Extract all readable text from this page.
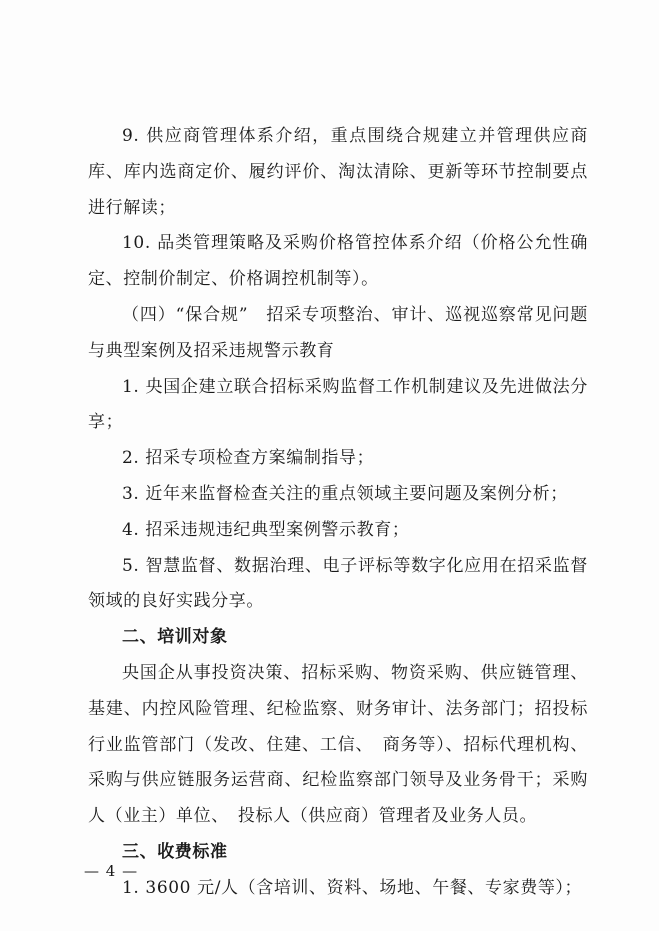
9. 供应商管理体系介绍，重点围绕合规建立并管理供应商库、库内选商定价、履约评价、淘汰清除、更新等环节控制要点进行解读；

10. 品类管理策略及采购价格管控体系介绍（价格公允性确定、控制价制定、价格调控机制等）。

（四）“保合规”　招采专项整治、审计、巡视巡察常见问题与典型案例及招采违规警示教育

1. 央国企建立联合招标采购监督工作机制建议及先进做法分享；

2. 招采专项检查方案编制指导；

3. 近年来监督检查关注的重点领域主要问题及案例分析；

4. 招采违规违纪典型案例警示教育；

5. 智慧监督、数据治理、电子评标等数字化应用在招采监督领域的良好实践分享。

二、培训对象

央国企从事投资决策、招标采购、物资采购、供应链管理、基建、内控风险管理、纪检监察、财务审计、法务部门；招投标行业监管部门（发改、住建、工信、　商务等）、招标代理机构、采购与供应链服务运营商、纪检监察部门领导及业务骨干；采购人（业主）单位、　投标人（供应商）管理者及业务人员。

三、收费标准

1. 3600 元/人（含培训、资料、场地、午餐、专家费等）；

— 4 —
